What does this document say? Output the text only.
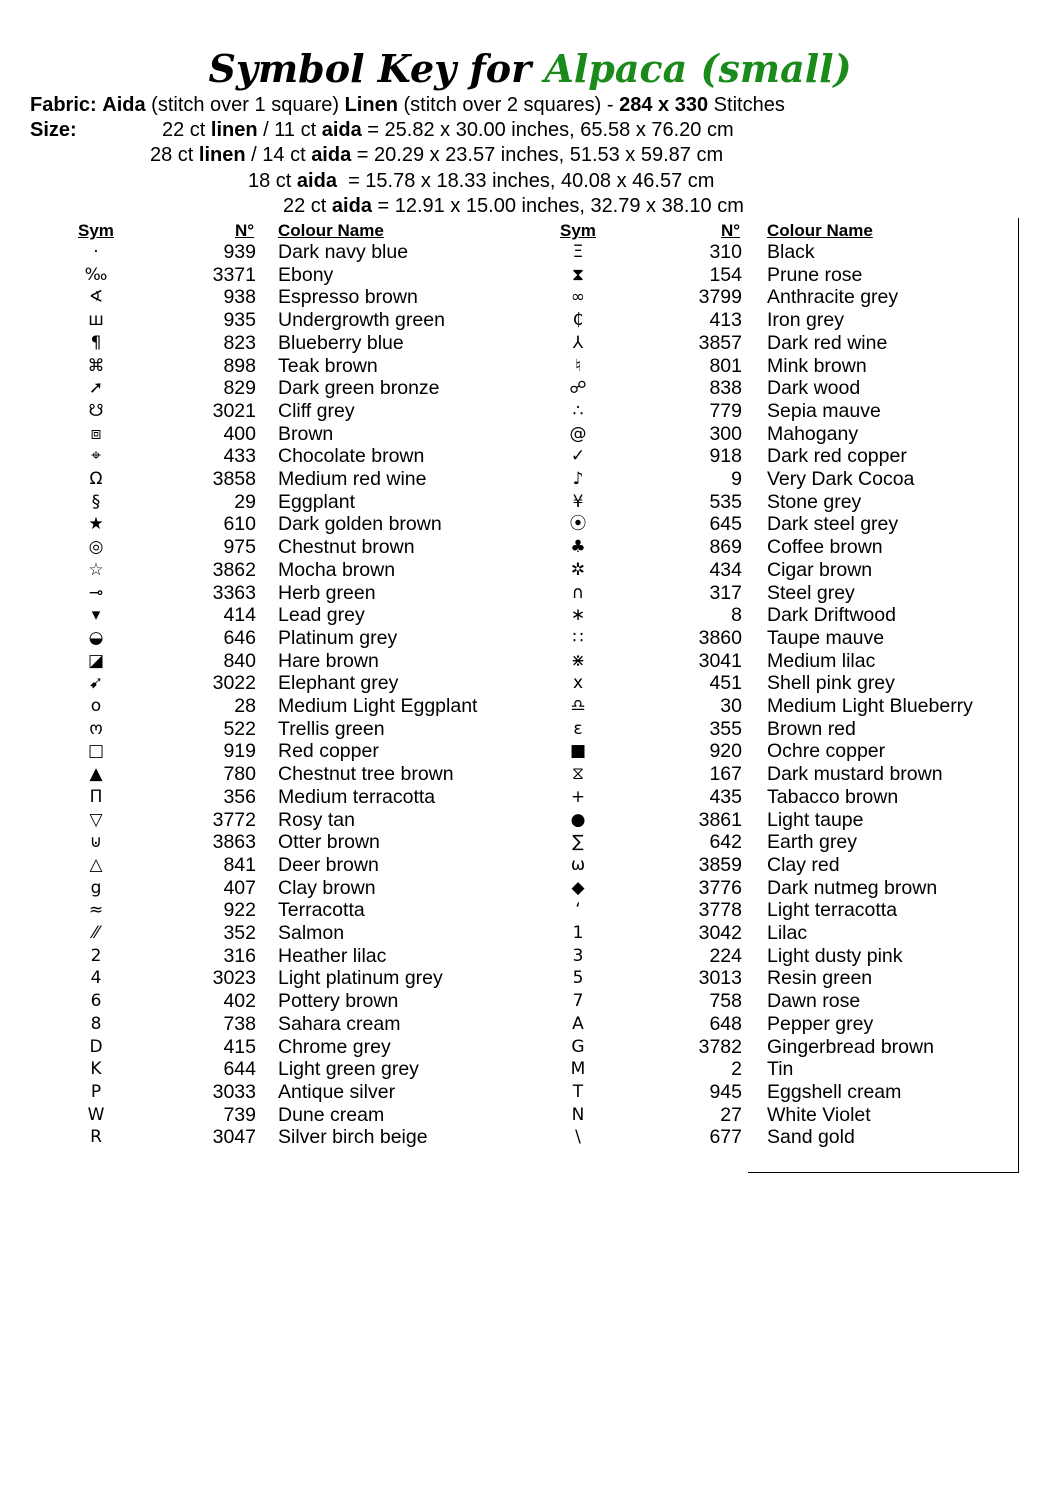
Symbol Key for Alpaca (small)
Fabric: Aida (stitch over 1 square) Linen (stitch over 2 squares) - 284 x 330 Stitches
Size:	22 ct linen / 11 ct aida = 25.82 x 30.00 inches, 65.58 x 76.20 cm
28 ct linen / 14 ct aida = 20.29 x 23.57 inches, 51.53 x 59.87 cm
18 ct aida  = 15.78 x 18.33 inches, 40.08 x 46.57 cm
22 ct aida = 12.91 x 15.00 inches, 32.79 x 38.10 cm
Sym	N° Colour Name	Sym	N° Colour Name
·	939 Dark navy blue
‰	3371 Ebony
∢	938 Espresso brown
ш	935 Undergrowth green
¶	823 Blueberry blue
⌘	898 Teak brown
➚	829 Dark green bronze
☋	3021 Cliff grey
⧈	400 Brown
⌖	433 Chocolate brown
Ω	3858 Medium red wine
§	29 Eggplant
★	610 Dark golden brown
◎	975 Chestnut brown
☆	3862 Mocha brown
⊸	3363 Herb green
▾	414 Lead grey
◒	646 Platinum grey
◪	840 Hare brown
➹	3022 Elephant grey
o	28 Medium Light Eggplant
ო	522 Trellis green
□	919 Red copper
▲	780 Chestnut tree brown
Π	356 Medium terracotta
▽	3772 Rosy tan
⊍	3863 Otter brown
△	841 Deer brown
g	407 Clay brown
≈	922 Terracotta
⁄⁄	352 Salmon
2	316 Heather lilac
4	3023 Light platinum grey
6	402 Pottery brown
8	738 Sahara cream
D	415 Chrome grey
K	644 Light green grey
P	3033 Antique silver
W	739 Dune cream
R	3047 Silver birch beige
Ξ	310 Black
⧗	154 Prune rose
∞	3799 Anthracite grey
₵	413 Iron grey
⅄	3857 Dark red wine
♮	801 Mink brown
☍	838 Dark wood
∴	779 Sepia mauve
@	300 Mahogany
✓	918 Dark red copper
♪	9 Very Dark Cocoa
¥	535 Stone grey
⦿	645 Dark steel grey
♣	869 Coffee brown
✲	434 Cigar brown
∩	317 Steel grey
∗	8 Dark Driftwood
∷	3860 Taupe mauve
⋇	3041 Medium lilac
x	451 Shell pink grey
♎	30 Medium Light Blueberry
ε	355 Brown red
■	920 Ochre copper
⧖	167 Dark mustard brown
+	435 Tabacco brown
●	3861 Light taupe
∑	642 Earth grey
ω	3859 Clay red
◆	3776 Dark nutmeg brown
ʻ	3778 Light terracotta
1	3042 Lilac
3	224 Light dusty pink
5	3013 Resin green
7	758 Dawn rose
A	648 Pepper grey
G	3782 Gingerbread brown
M	2 Tin
T	945 Eggshell cream
N	27 White Violet
\	677 Sand gold
